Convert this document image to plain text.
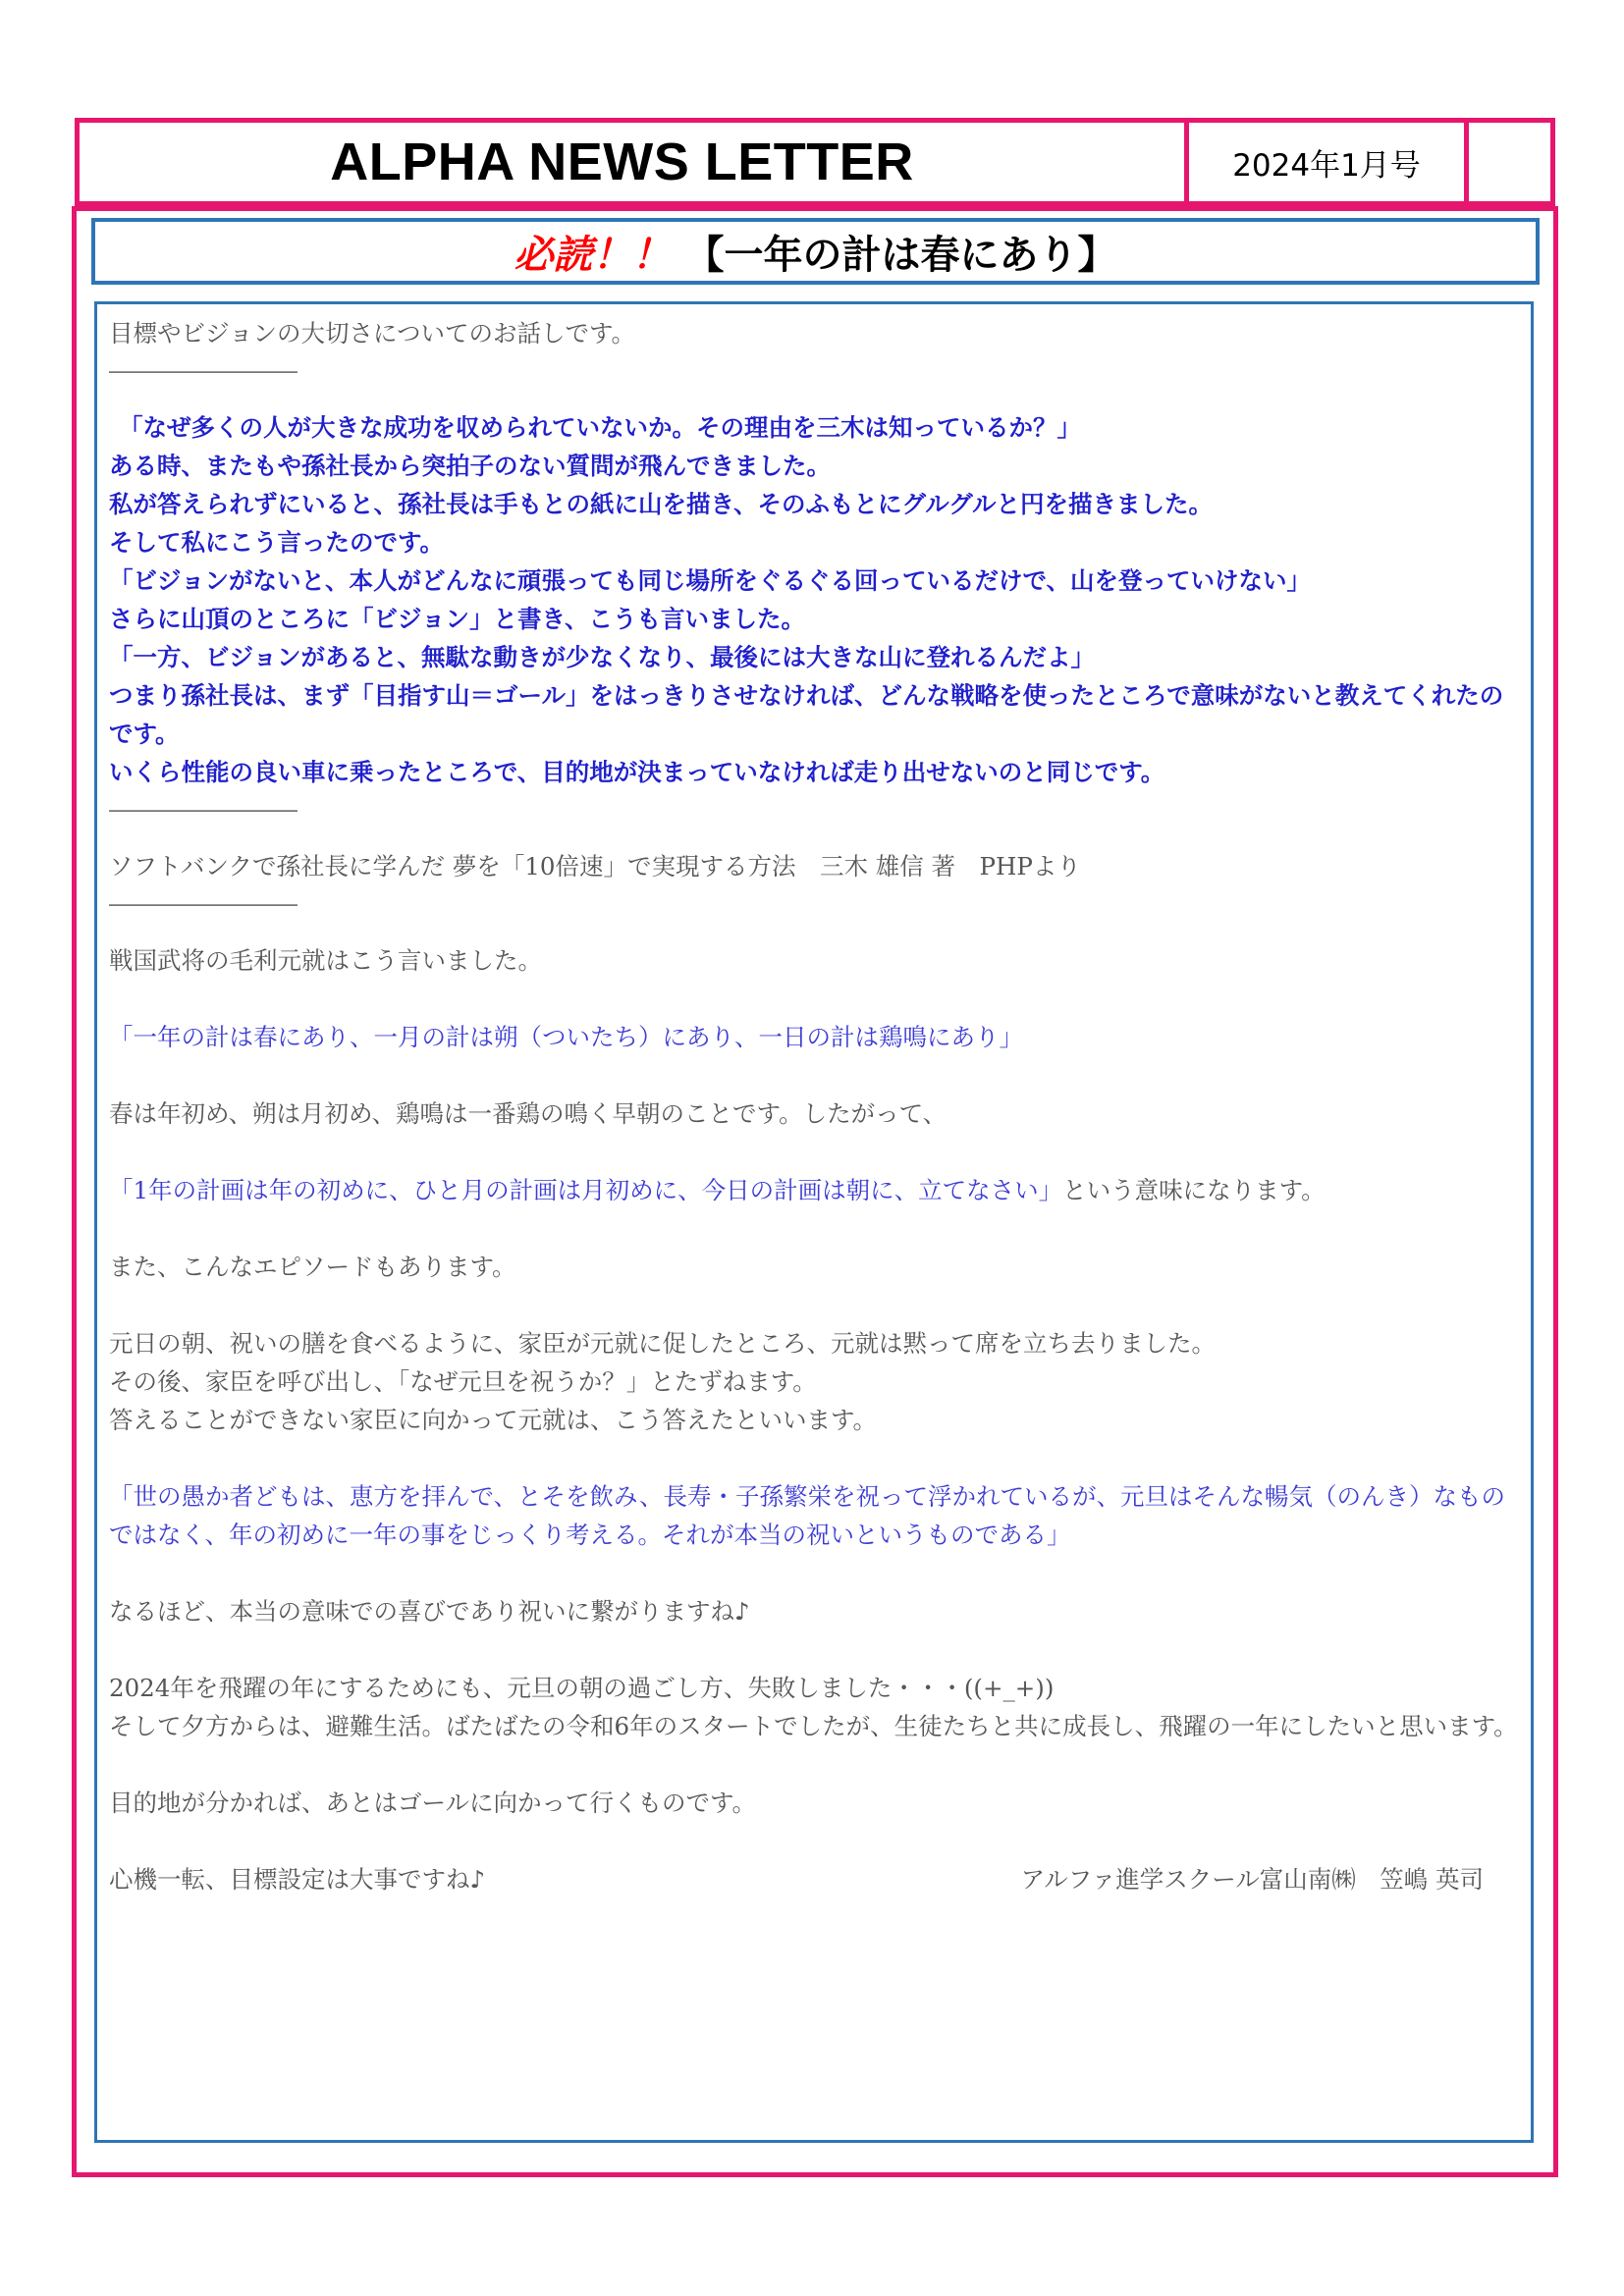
ALPHA NEWS LETTER	2024年1月号
必読！！ 【一年の計は春にあり】
目標やビジョンの大切さについてのお話しです。
――――――――
「なぜ多くの人が大きな成功を収められていないか。その理由を三木は知っているか？」
ある時、またもや孫社長から突拍子のない質問が飛んできました。
私が答えられずにいると、孫社長は手もとの紙に山を描き、そのふもとにグルグルと円を描きました。
そして私にこう言ったのです。
「ビジョンがないと、本人がどんなに頑張っても同じ場所をぐるぐる回っているだけで、山を登っていけない」
さらに山頂のところに「ビジョン」と書き、こうも言いました。
「一方、ビジョンがあると、無駄な動きが少なくなり、最後には大きな山に登れるんだよ」
つまり孫社長は、まず「目指す山＝ゴール」をはっきりさせなければ、どんな戦略を使ったところで意味がないと教えてくれたのです。
いくら性能の良い車に乗ったところで、目的地が決まっていなければ走り出せないのと同じです。
――――――――
ソフトバンクで孫社長に学んだ 夢を「10倍速」で実現する方法　三木 雄信 著　PHPより
――――――――
戦国武将の毛利元就はこう言いました。
「一年の計は春にあり、一月の計は朔（ついたち）にあり、一日の計は鶏鳴にあり」
春は年初め、朔は月初め、鶏鳴は一番鶏の鳴く早朝のことです。したがって、
「1年の計画は年の初めに、ひと月の計画は月初めに、今日の計画は朝に、立てなさい」という意味になります。
また、こんなエピソードもあります。
元日の朝、祝いの膳を食べるように、家臣が元就に促したところ、元就は黙って席を立ち去りました。
その後、家臣を呼び出し、「なぜ元旦を祝うか？」とたずねます。
答えることができない家臣に向かって元就は、こう答えたといいます。
「世の愚か者どもは、恵方を拝んで、とそを飲み、長寿・子孫繁栄を祝って浮かれているが、元旦はそんな暢気（のんき）なものではなく、年の初めに一年の事をじっくり考える。それが本当の祝いというものである」
なるほど、本当の意味での喜びであり祝いに繋がりますね♪
2024年を飛躍の年にするためにも、元旦の朝の過ごし方、失敗しました・・・((+_+))
そして夕方からは、避難生活。ばたばたの令和6年のスタートでしたが、生徒たちと共に成長し、飛躍の一年にしたいと思います。
目的地が分かれば、あとはゴールに向かって行くものです。
心機一転、目標設定は大事ですね♪	アルファ進学スクール富山南㈱　笠嶋 英司
